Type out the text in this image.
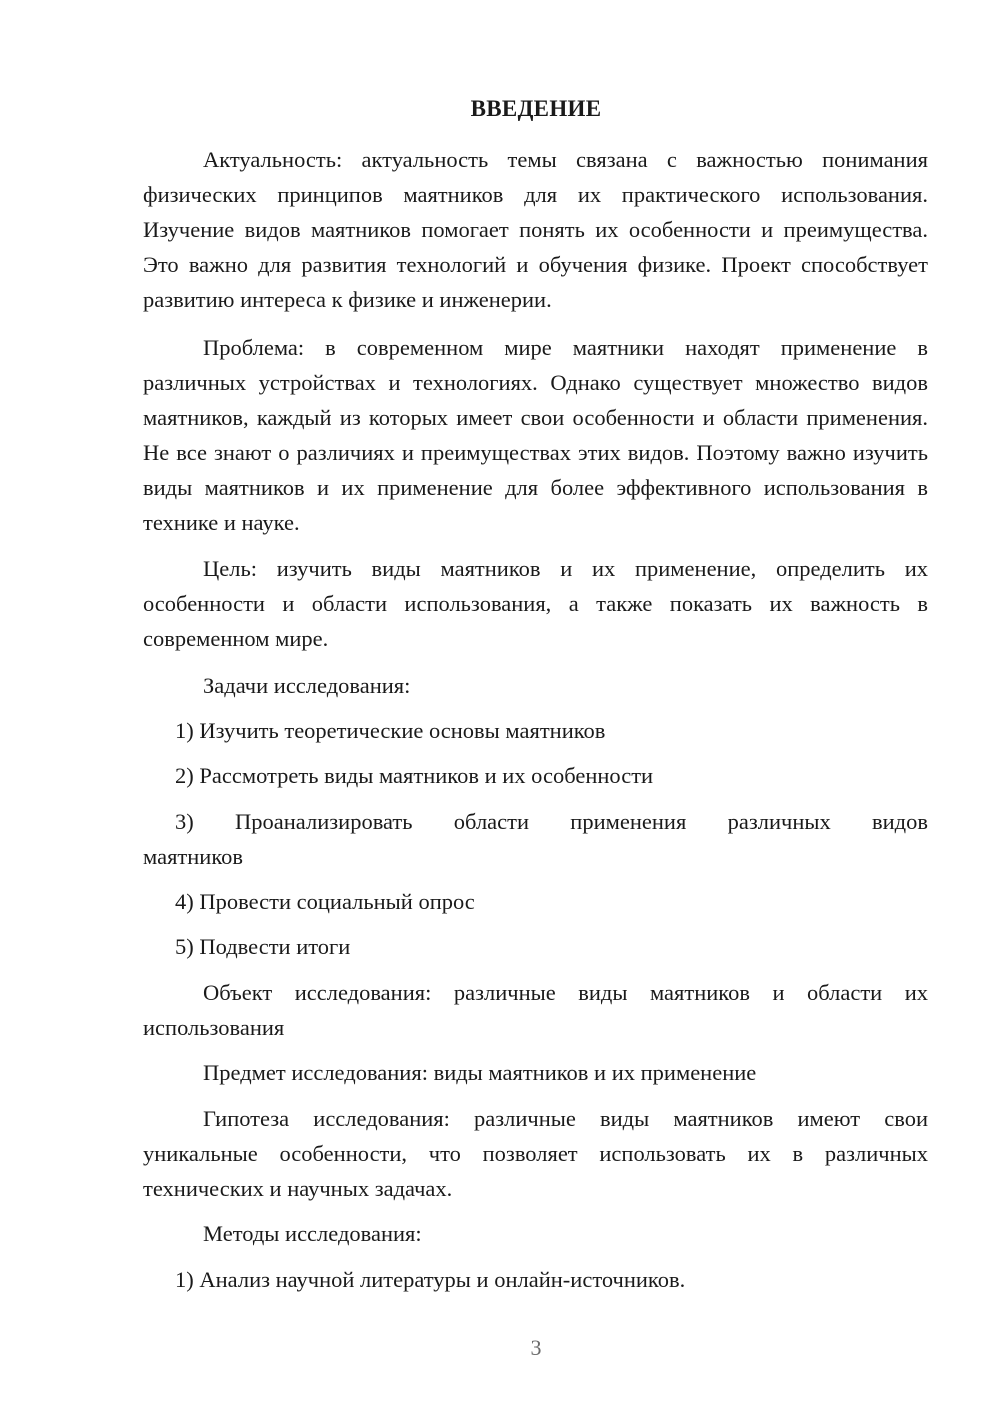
ВВЕДЕНИЕ

Актуальность: актуальность темы связана с важностью понимания физических принципов маятников для их практического использования. Изучение видов маятников помогает понять их особенности и преимущества. Это важно для развития технологий и обучения физике. Проект способствует развитию интереса к физике и инженерии.

Проблема: в современном мире маятники находят применение в различных устройствах и технологиях. Однако существует множество видов маятников, каждый из которых имеет свои особенности и области применения. Не все знают о различиях и преимуществах этих видов. Поэтому важно изучить виды маятников и их применение для более эффективного использования в технике и науке.

Цель: изучить виды маятников и их применение, определить их особенности и области использования, а также показать их важность в современном мире.

Задачи исследования:

1) Изучить теоретические основы маятников

2) Рассмотреть виды маятников и их особенности

3) Проанализировать области применения различных видов маятников

4) Провести социальный опрос

5) Подвести итоги

Объект исследования: различные виды маятников и области их использования

Предмет исследования: виды маятников и их применение

Гипотеза исследования: различные виды маятников имеют свои уникальные особенности, что позволяет использовать их в различных технических и научных задачах.

Методы исследования:

1) Анализ научной литературы и онлайн-источников.

3
